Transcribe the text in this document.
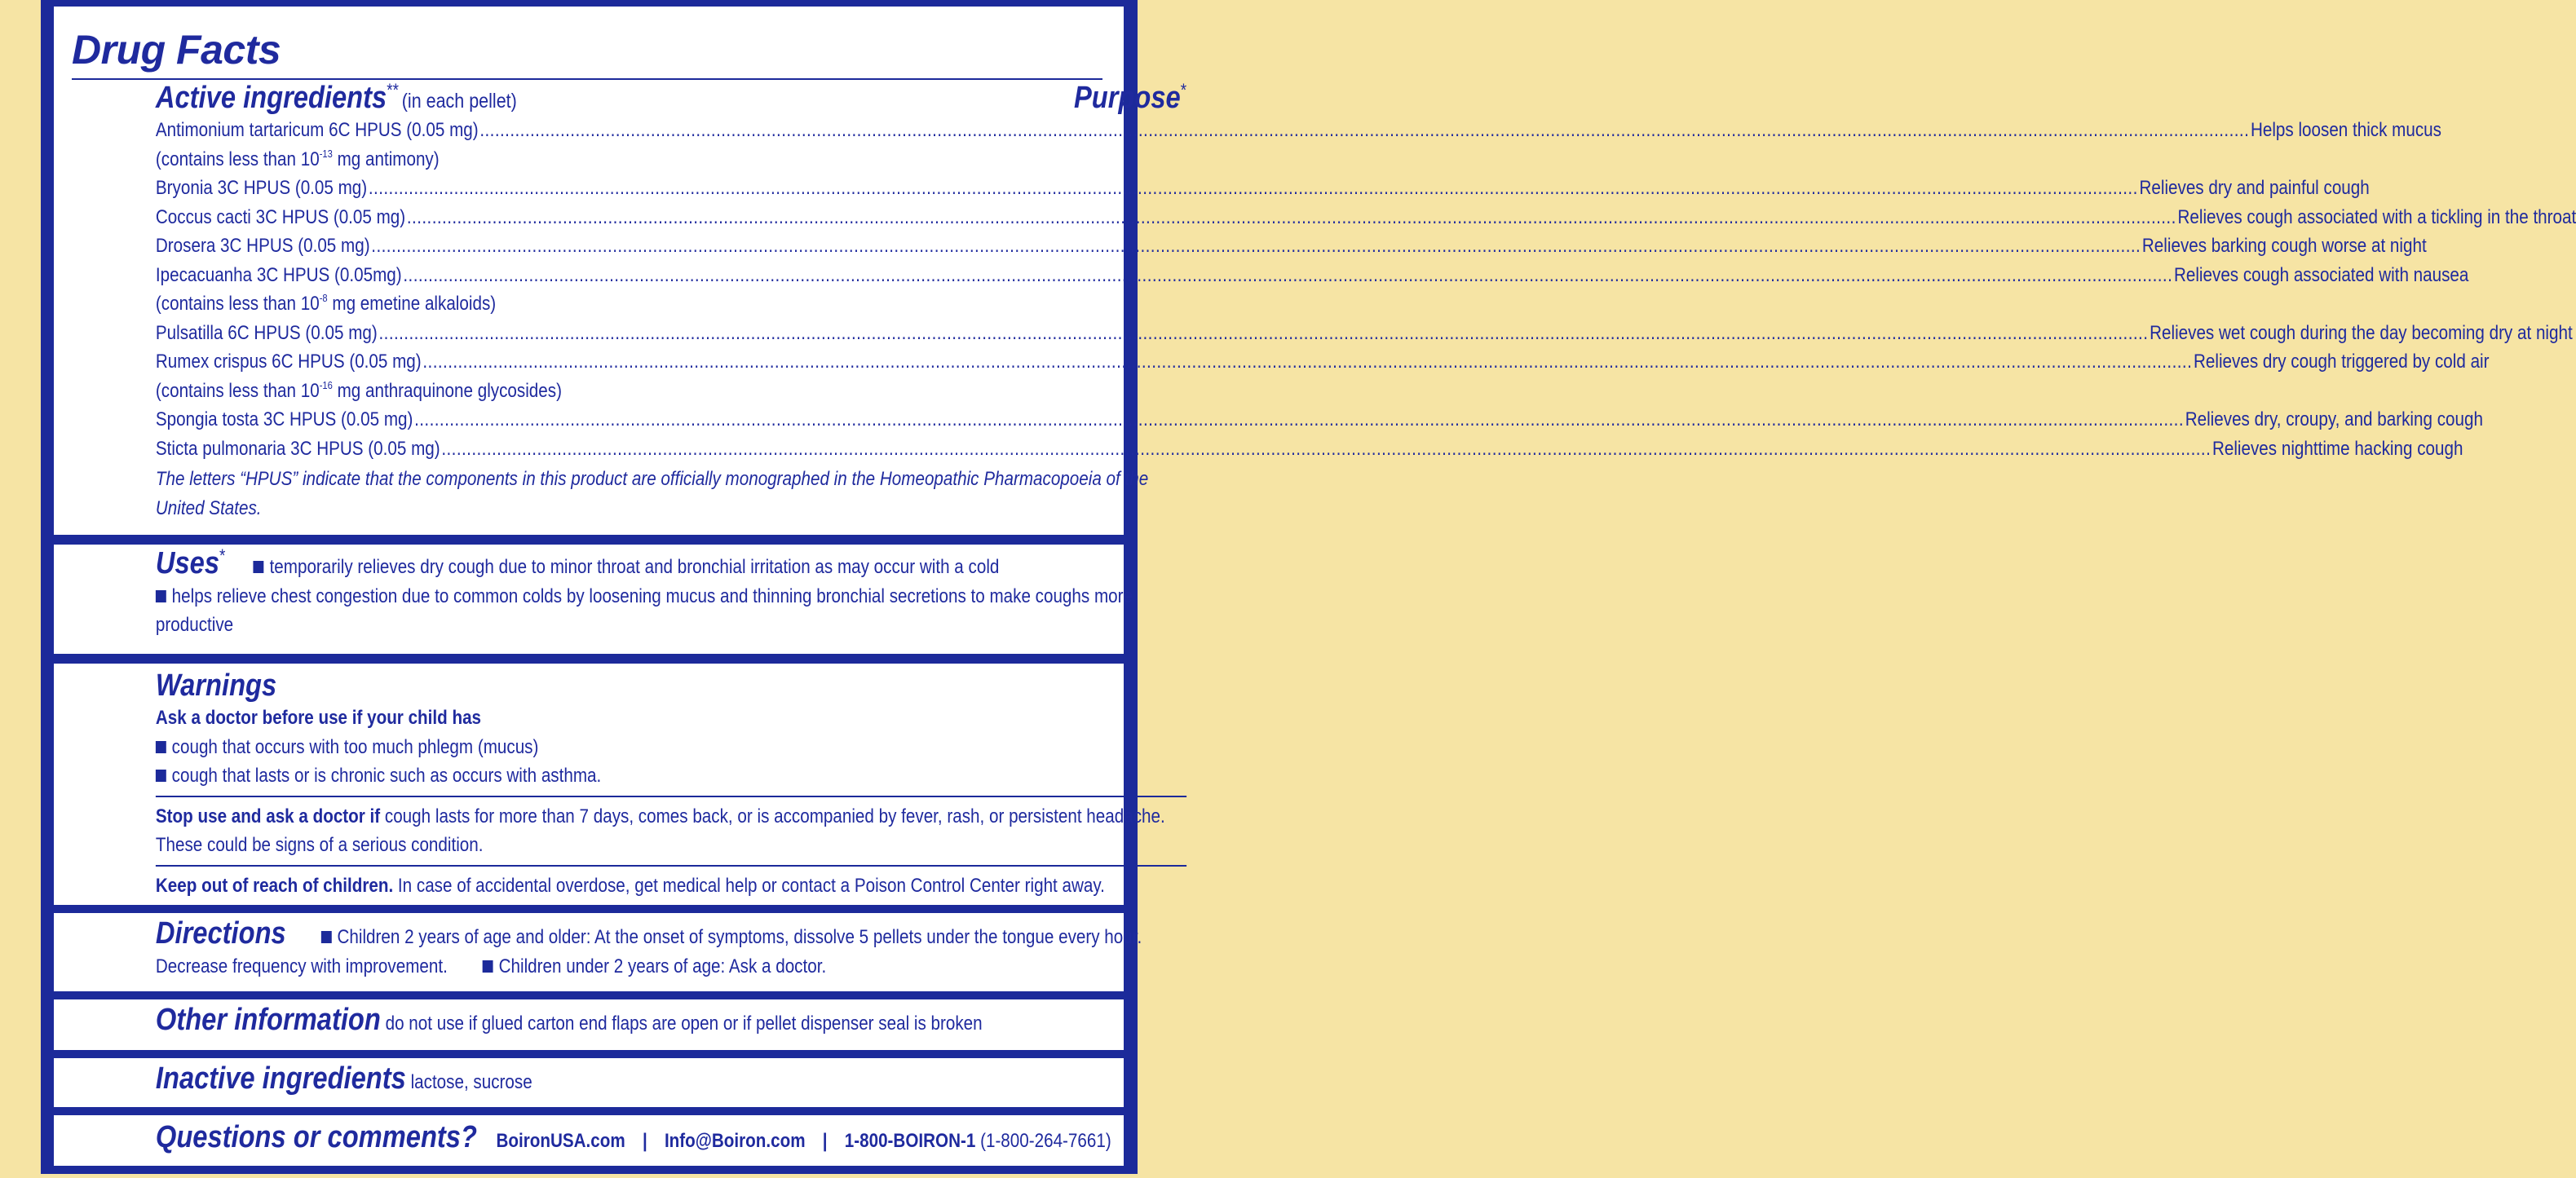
Drug Facts
Active ingredients** (in each pellet)	Purpose*
Antimonium tartaricum 6C HPUS (0.05 mg) .....	Helps loosen thick mucus
(contains less than $10^{-13}$ mg antimony)
Bryonia 3C HPUS (0.05 mg) .....	Relieves dry and painful cough
Coccus cacti 3C HPUS (0.05 mg) .....	Relieves cough associated with a tickling in the throat
Drosera 3C HPUS (0.05 mg) .....	Relieves barking cough worse at night
Ipecacuanha 3C HPUS (0.05mg) .....	Relieves cough associated with nausea
(contains less than $10^{-8}$ mg emetine alkaloids)
Pulsatilla 6C HPUS (0.05 mg) .....	Relieves wet cough during the day becoming dry at night
Rumex crispus 6C HPUS (0.05 mg) .....	Relieves dry cough triggered by cold air
(contains less than $10^{-16}$ mg anthraquinone glycosides)
Spongia tosta 3C HPUS (0.05 mg) .....	Relieves dry, croupy, and barking cough
Sticta pulmonaria 3C HPUS (0.05 mg) .....	Relieves nighttime hacking cough
The letters “HPUS” indicate that the components in this product are officially monographed in the Homeopathic Pharmacopoeia of the United States.
Uses*temporarily relieves dry cough due to minor throat and bronchial irritation as may occur with a cold
helps relieve chest congestion due to common colds by loosening mucus and thinning bronchial secretions to make coughs more productive
Warnings
Ask a doctor before use if your child has
cough that occurs with too much phlegm (mucus)
cough that lasts or is chronic such as occurs with asthma.
Stop use and ask a doctor if cough lasts for more than 7 days, comes back, or is accompanied by fever, rash, or persistent headache. These could be signs of a serious condition.
Keep out of reach of children. In case of accidental overdose, get medical help or contact a Poison Control Center right away.
Directions	Children 2 years of age and older: At the onset of symptoms, dissolve 5 pellets under the tongue every hour. Decrease frequency with improvement.	Children under 2 years of age: Ask a doctor.
Other information do not use if glued carton end flaps are open or if pellet dispenser seal is broken
Inactive ingredients lactose, sucrose
Questions or comments? BoironUSA.com | Info@Boiron.com | 1-800-BOIRON-1 (1-800-264-7661)
